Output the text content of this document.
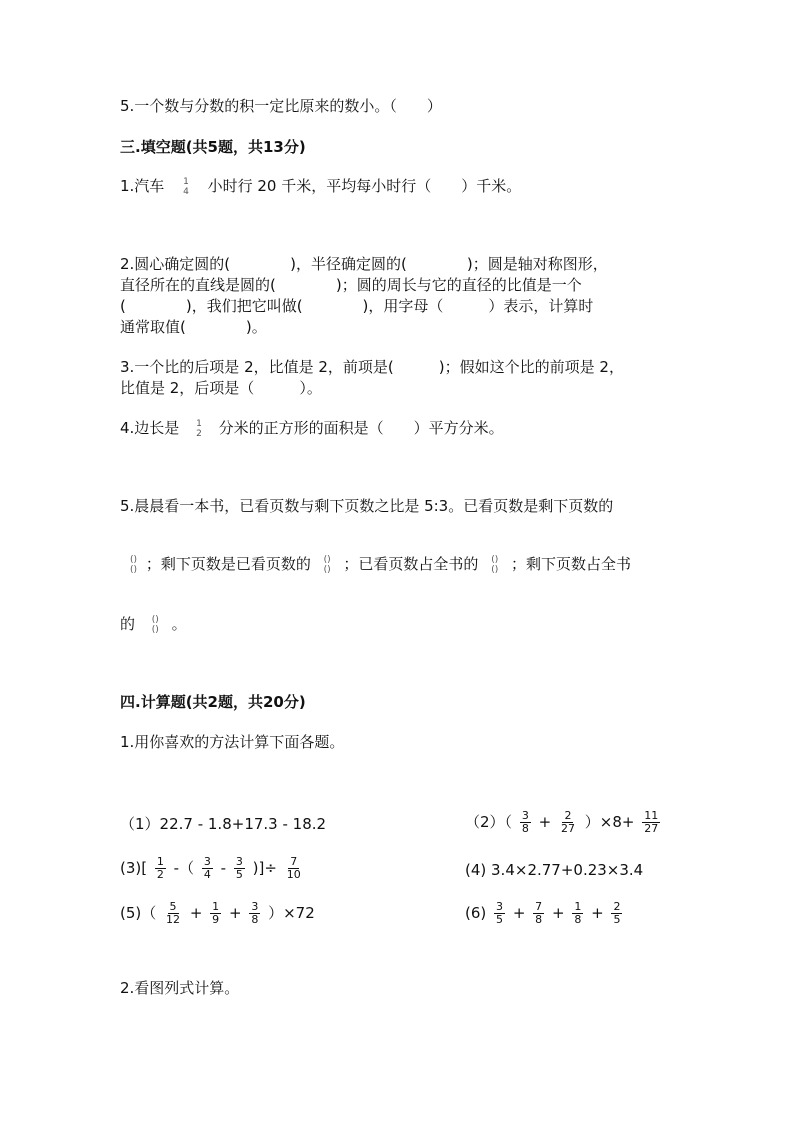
5.一个数与分数的积一定比原来的数小。（　　）
三.填空题(共5题，共13分)
1.汽车 1
4 小时行 20 千米，平均每小时行（　　）千米。
2.圆心确定圆的(　　　　)，半径确定圆的(　　　　)；圆是轴对称图形，
直径所在的直线是圆的(　　　　)；圆的周长与它的直径的比值是一个
(　　　　)，我们把它叫做(　　　　)，用字母（　　　）表示，计算时
通常取值(　　　　)。
3.一个比的后项是 2，比值是 2，前项是(　　　)；假如这个比的前项是 2，
比值是 2，后项是（　　　）。
4.边长是 1
2 分米的正方形的面积是（　　）平方分米。
5.晨晨看一本书，已看页数与剩下页数之比是 5:3。已看页数是剩下页数的
()
() ；剩下页数是已看页数的 ()
() ；已看页数占全书的 ()
() ；剩下页数占全书
的 ()
() 。
四.计算题(共2题，共20分)
1.用你喜欢的方法计算下面各题。
（1）22.7 - 1.8+17.3 - 18.2	$(2)( \frac{3}{8} + \frac{2}{27} )\times 8+ \frac{11}{27}$
$(3)[ \frac{1}{2}$ -（ $\frac{3}{4} - \frac{3}{5}$ )]÷ $\frac{7}{10}$	(4) 3.4×2.77+0.23×3.4
$(5)( \frac{5}{12} + \frac{1}{9} + \frac{3}{8} )\times 72$	$(6) \frac{3}{5} + \frac{7}{8} + \frac{1}{8} + \frac{2}{5}$
2.看图列式计算。
